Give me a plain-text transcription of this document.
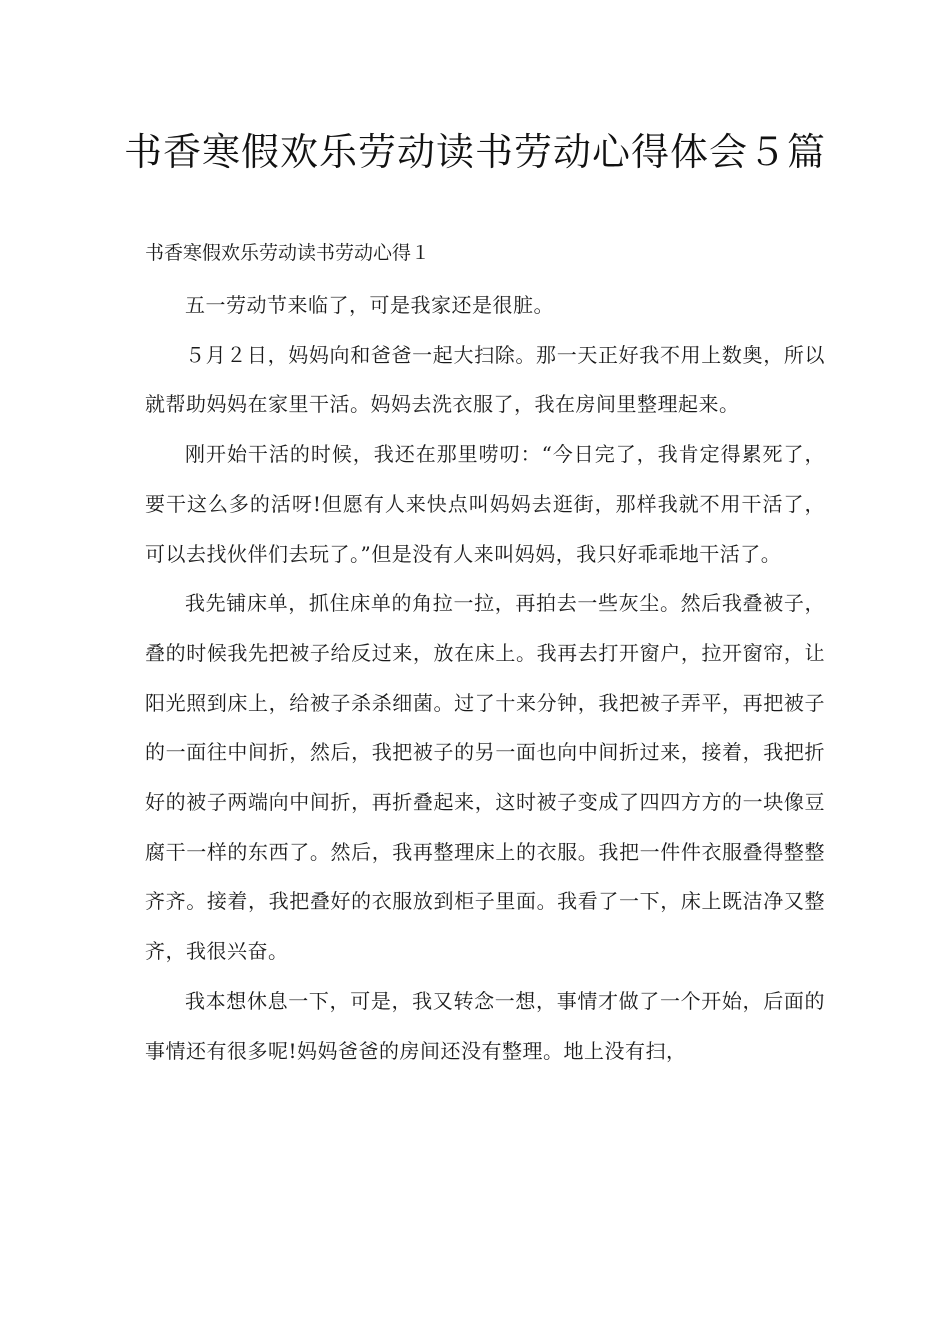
书香寒假欢乐劳动读书劳动心得体会５篇
书香寒假欢乐劳动读书劳动心得１

五一劳动节来临了，可是我家还是很脏。

５月２日，妈妈向和爸爸一起大扫除。那一天正好我不用上数奥，所以就帮助妈妈在家里干活。妈妈去洗衣服了，我在房间里整理起来。

刚开始干活的时候，我还在那里唠叨：“今日完了，我肯定得累死了，要干这么多的活呀!但愿有人来快点叫妈妈去逛街，那样我就不用干活了，可以去找伙伴们去玩了。”但是没有人来叫妈妈，我只好乖乖地干活了。

我先铺床单，抓住床单的角拉一拉，再拍去一些灰尘。然后我叠被子，叠的时候我先把被子给反过来，放在床上。我再去打开窗户，拉开窗帘，让阳光照到床上，给被子杀杀细菌。过了十来分钟，我把被子弄平，再把被子的一面往中间折，然后，我把被子的另一面也向中间折过来，接着，我把折好的被子两端向中间折，再折叠起来，这时被子变成了四四方方的一块像豆腐干一样的东西了。然后，我再整理床上的衣服。我把一件件衣服叠得整整齐齐。接着，我把叠好的衣服放到柜子里面。我看了一下，床上既洁净又整齐，我很兴奋。

我本想休息一下，可是，我又转念一想，事情才做了一个开始，后面的事情还有很多呢!妈妈爸爸的房间还没有整理。地上没有扫，
